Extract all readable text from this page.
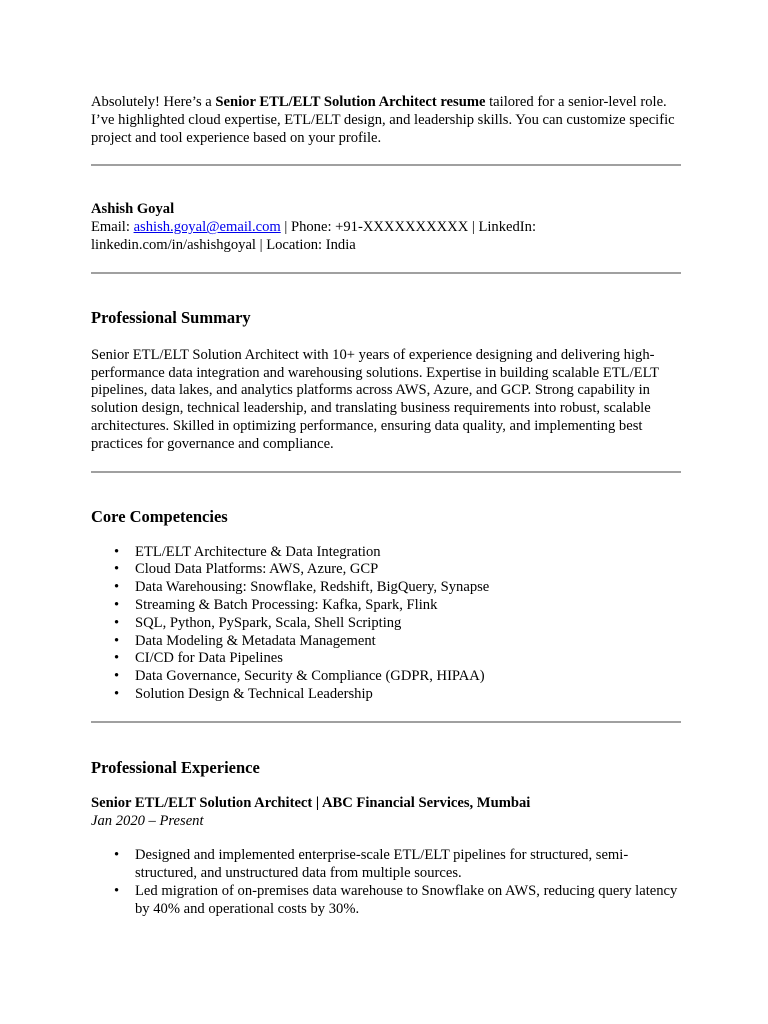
Absolutely! Here’s a Senior ETL/ELT Solution Architect resume tailored for a senior-level role. I’ve highlighted cloud expertise, ETL/ELT design, and leadership skills. You can customize specific project and tool experience based on your profile.

Ashish Goyal

Email: ashish.goyal@email.com | Phone: +91-XXXXXXXXXX | LinkedIn:

linkedin.com/in/ashishgoyal | Location: India

Professional Summary

Senior ETL/ELT Solution Architect with 10+ years of experience designing and delivering high-performance data integration and warehousing solutions. Expertise in building scalable ETL/ELT pipelines, data lakes, and analytics platforms across AWS, Azure, and GCP. Strong capability in solution design, technical leadership, and translating business requirements into robust, scalable architectures. Skilled in optimizing performance, ensuring data quality, and implementing best practices for governance and compliance.

Core Competencies
• ETL/ELT Architecture & Data Integration
• Cloud Data Platforms: AWS, Azure, GCP
• Data Warehousing: Snowflake, Redshift, BigQuery, Synapse
• Streaming & Batch Processing: Kafka, Spark, Flink
• SQL, Python, PySpark, Scala, Shell Scripting
• Data Modeling & Metadata Management
• CI/CD for Data Pipelines
• Data Governance, Security & Compliance (GDPR, HIPAA)
• Solution Design & Technical Leadership
Professional Experience

Senior ETL/ELT Solution Architect | ABC Financial Services, Mumbai

Jan 2020 – Present

• Designed and implemented enterprise-scale ETL/ELT pipelines for structured, semi-structured, and unstructured data from multiple sources.
• Led migration of on-premises data warehouse to Snowflake on AWS, reducing query latency by 40% and operational costs by 30%.
